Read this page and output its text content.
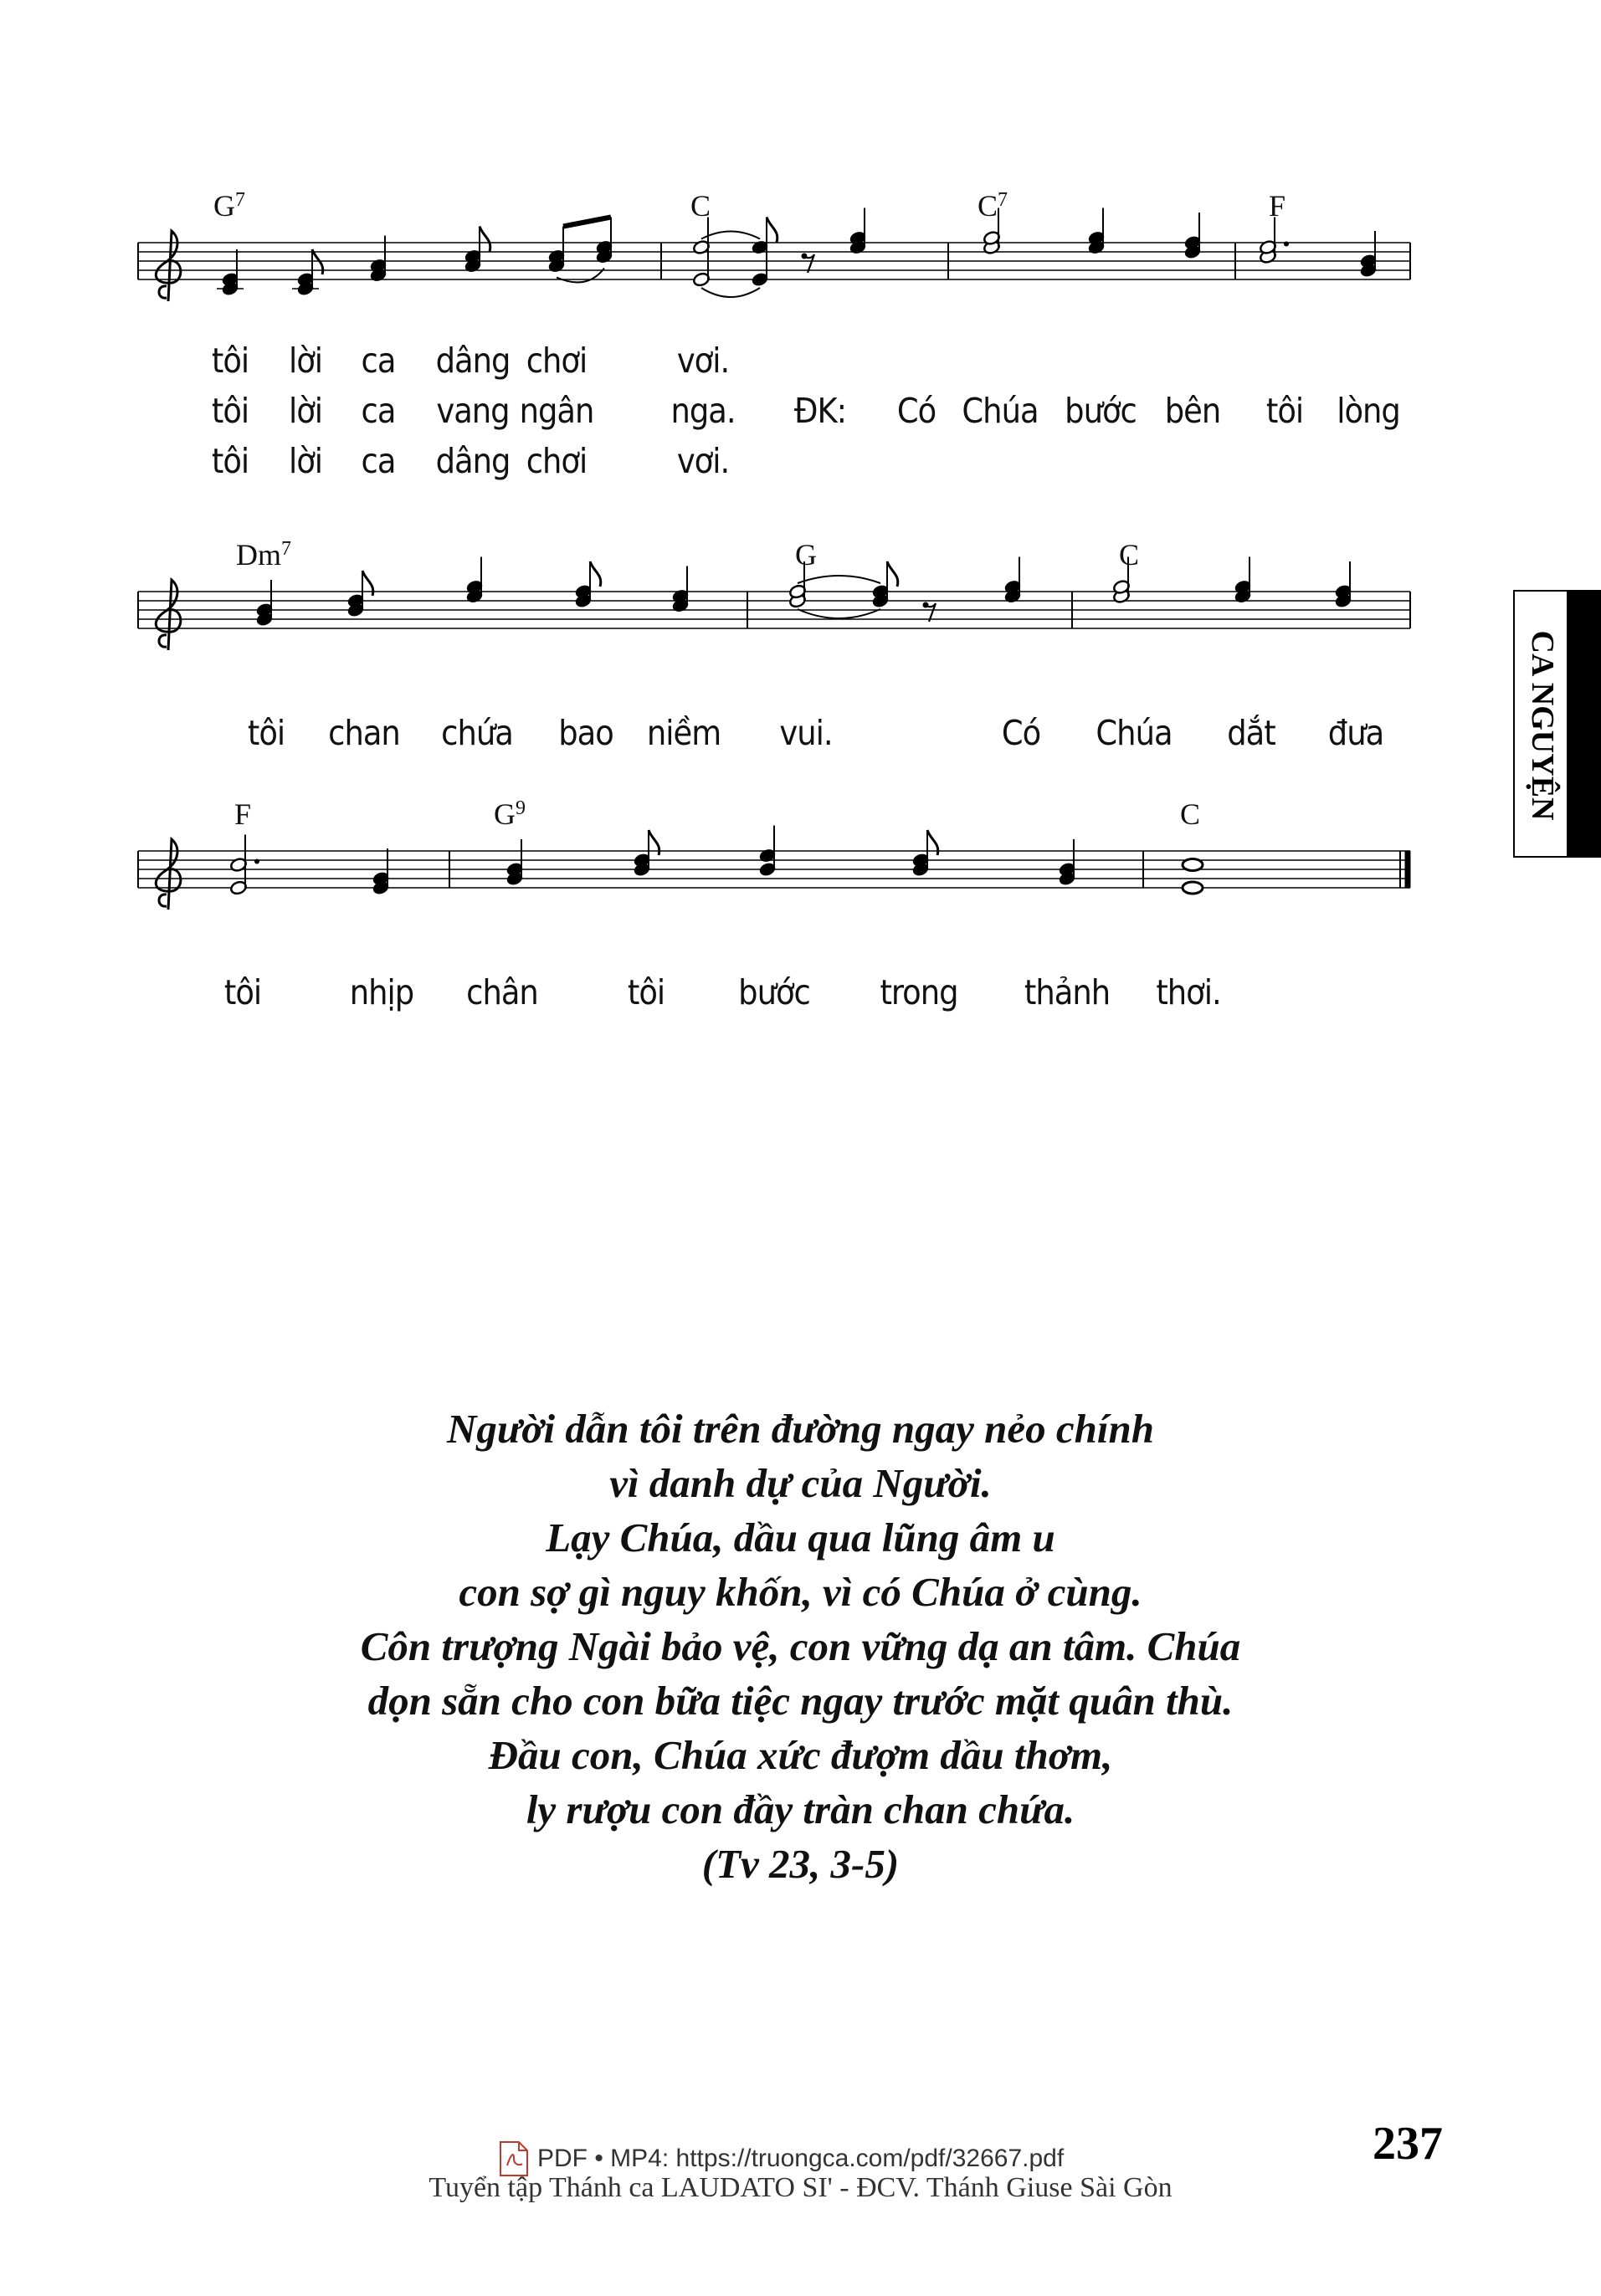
$G^7$	C	$C^7$	F
tôi lời ca dâng chơi	vơi.
tôi lời ca vang ngân nga. ĐK: Có Chúa bước bên tôi lòng
tôi lời ca dâng chơi	vơi.
Dm$^7$	G	C
tôi chan chứa bao niềm vui.	Có Chúa dắt đưa
F	$G^9$	C
tôi	nhịp chân	tôi bước trong thảnh thơi.
Người dẫn tôi trên đường ngay nẻo chính
vì danh dự của Người.
Lạy Chúa, dầu qua lũng âm u
con sợ gì nguy khốn, vì có Chúa ở cùng.
Côn trượng Ngài bảo vệ, con vững dạ an tâm. Chúa
dọn sẵn cho con bữa tiệc ngay trước mặt quân thù.
Đầu con, Chúa xức đượm dầu thơm,
ly rượu con đầy tràn chan chứa.
(Tv 23, 3-5)
CA NGUYỆN
237
PDF • MP4: https://truongca.com/pdf/32667.pdf
Tuyển tập Thánh ca LAUDATO SI' - ĐCV. Thánh Giuse Sài Gòn
